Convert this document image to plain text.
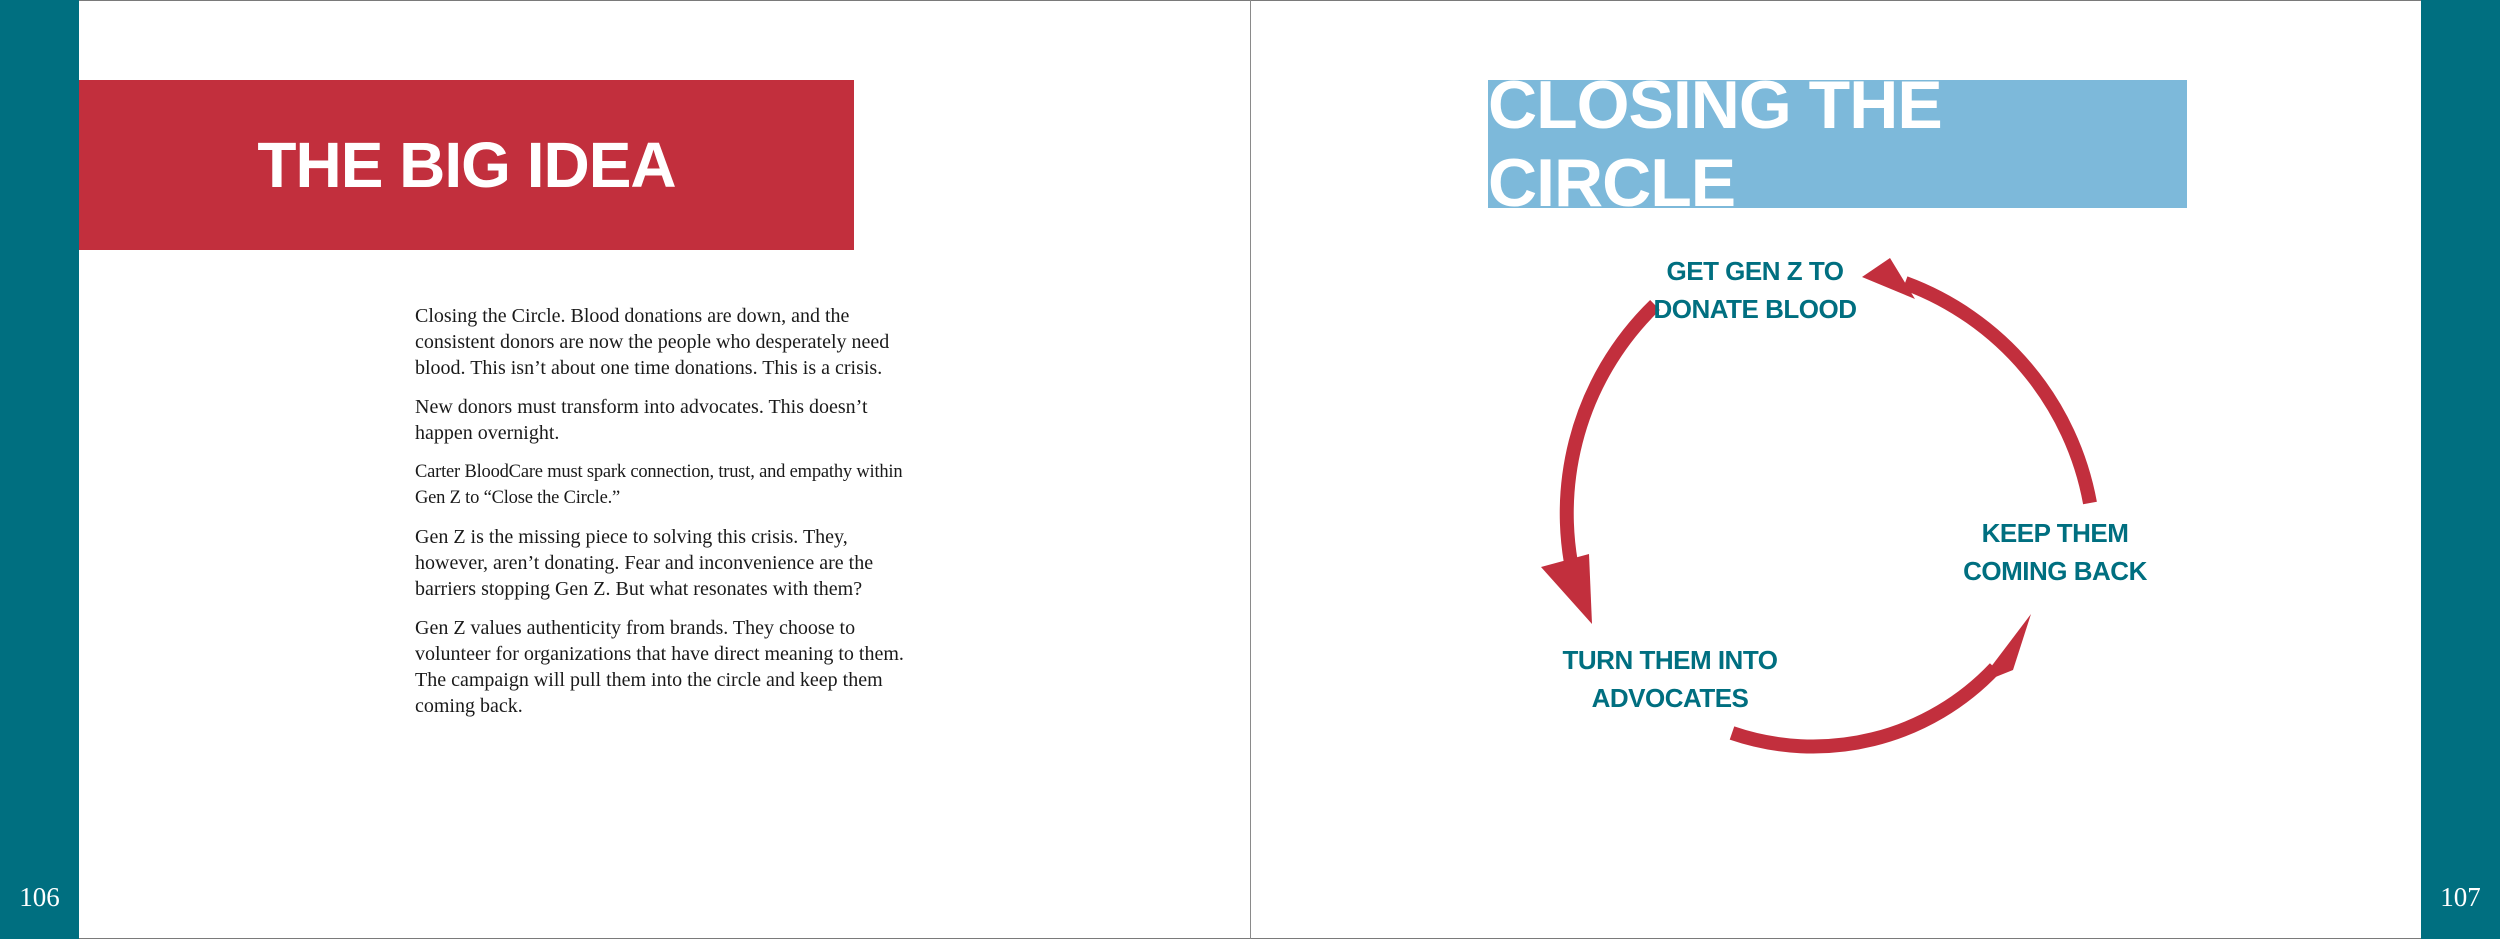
106	107
THE BIG IDEA

Closing the Circle. Blood donations are down, and the consistent donors are now the people who desperately need blood. This isn’t about one time donations. This is a crisis.

New donors must transform into advocates. This doesn’t happen overnight.

Carter BloodCare must spark connection, trust, and empathy within Gen Z to “Close the Circle.”

Gen Z is the missing piece to solving this crisis. They, however, aren’t donating. Fear and inconvenience are the barriers stopping Gen Z. But what resonates with them?

Gen Z values authenticity from brands. They choose to volunteer for organizations that have direct meaning to them. The campaign will pull them into the circle and keep them coming back.

CLOSING THE CIRCLE
GET GEN Z TO
DONATE BLOOD
KEEP THEM
COMING BACK
TURN THEM INTO
ADVOCATES
